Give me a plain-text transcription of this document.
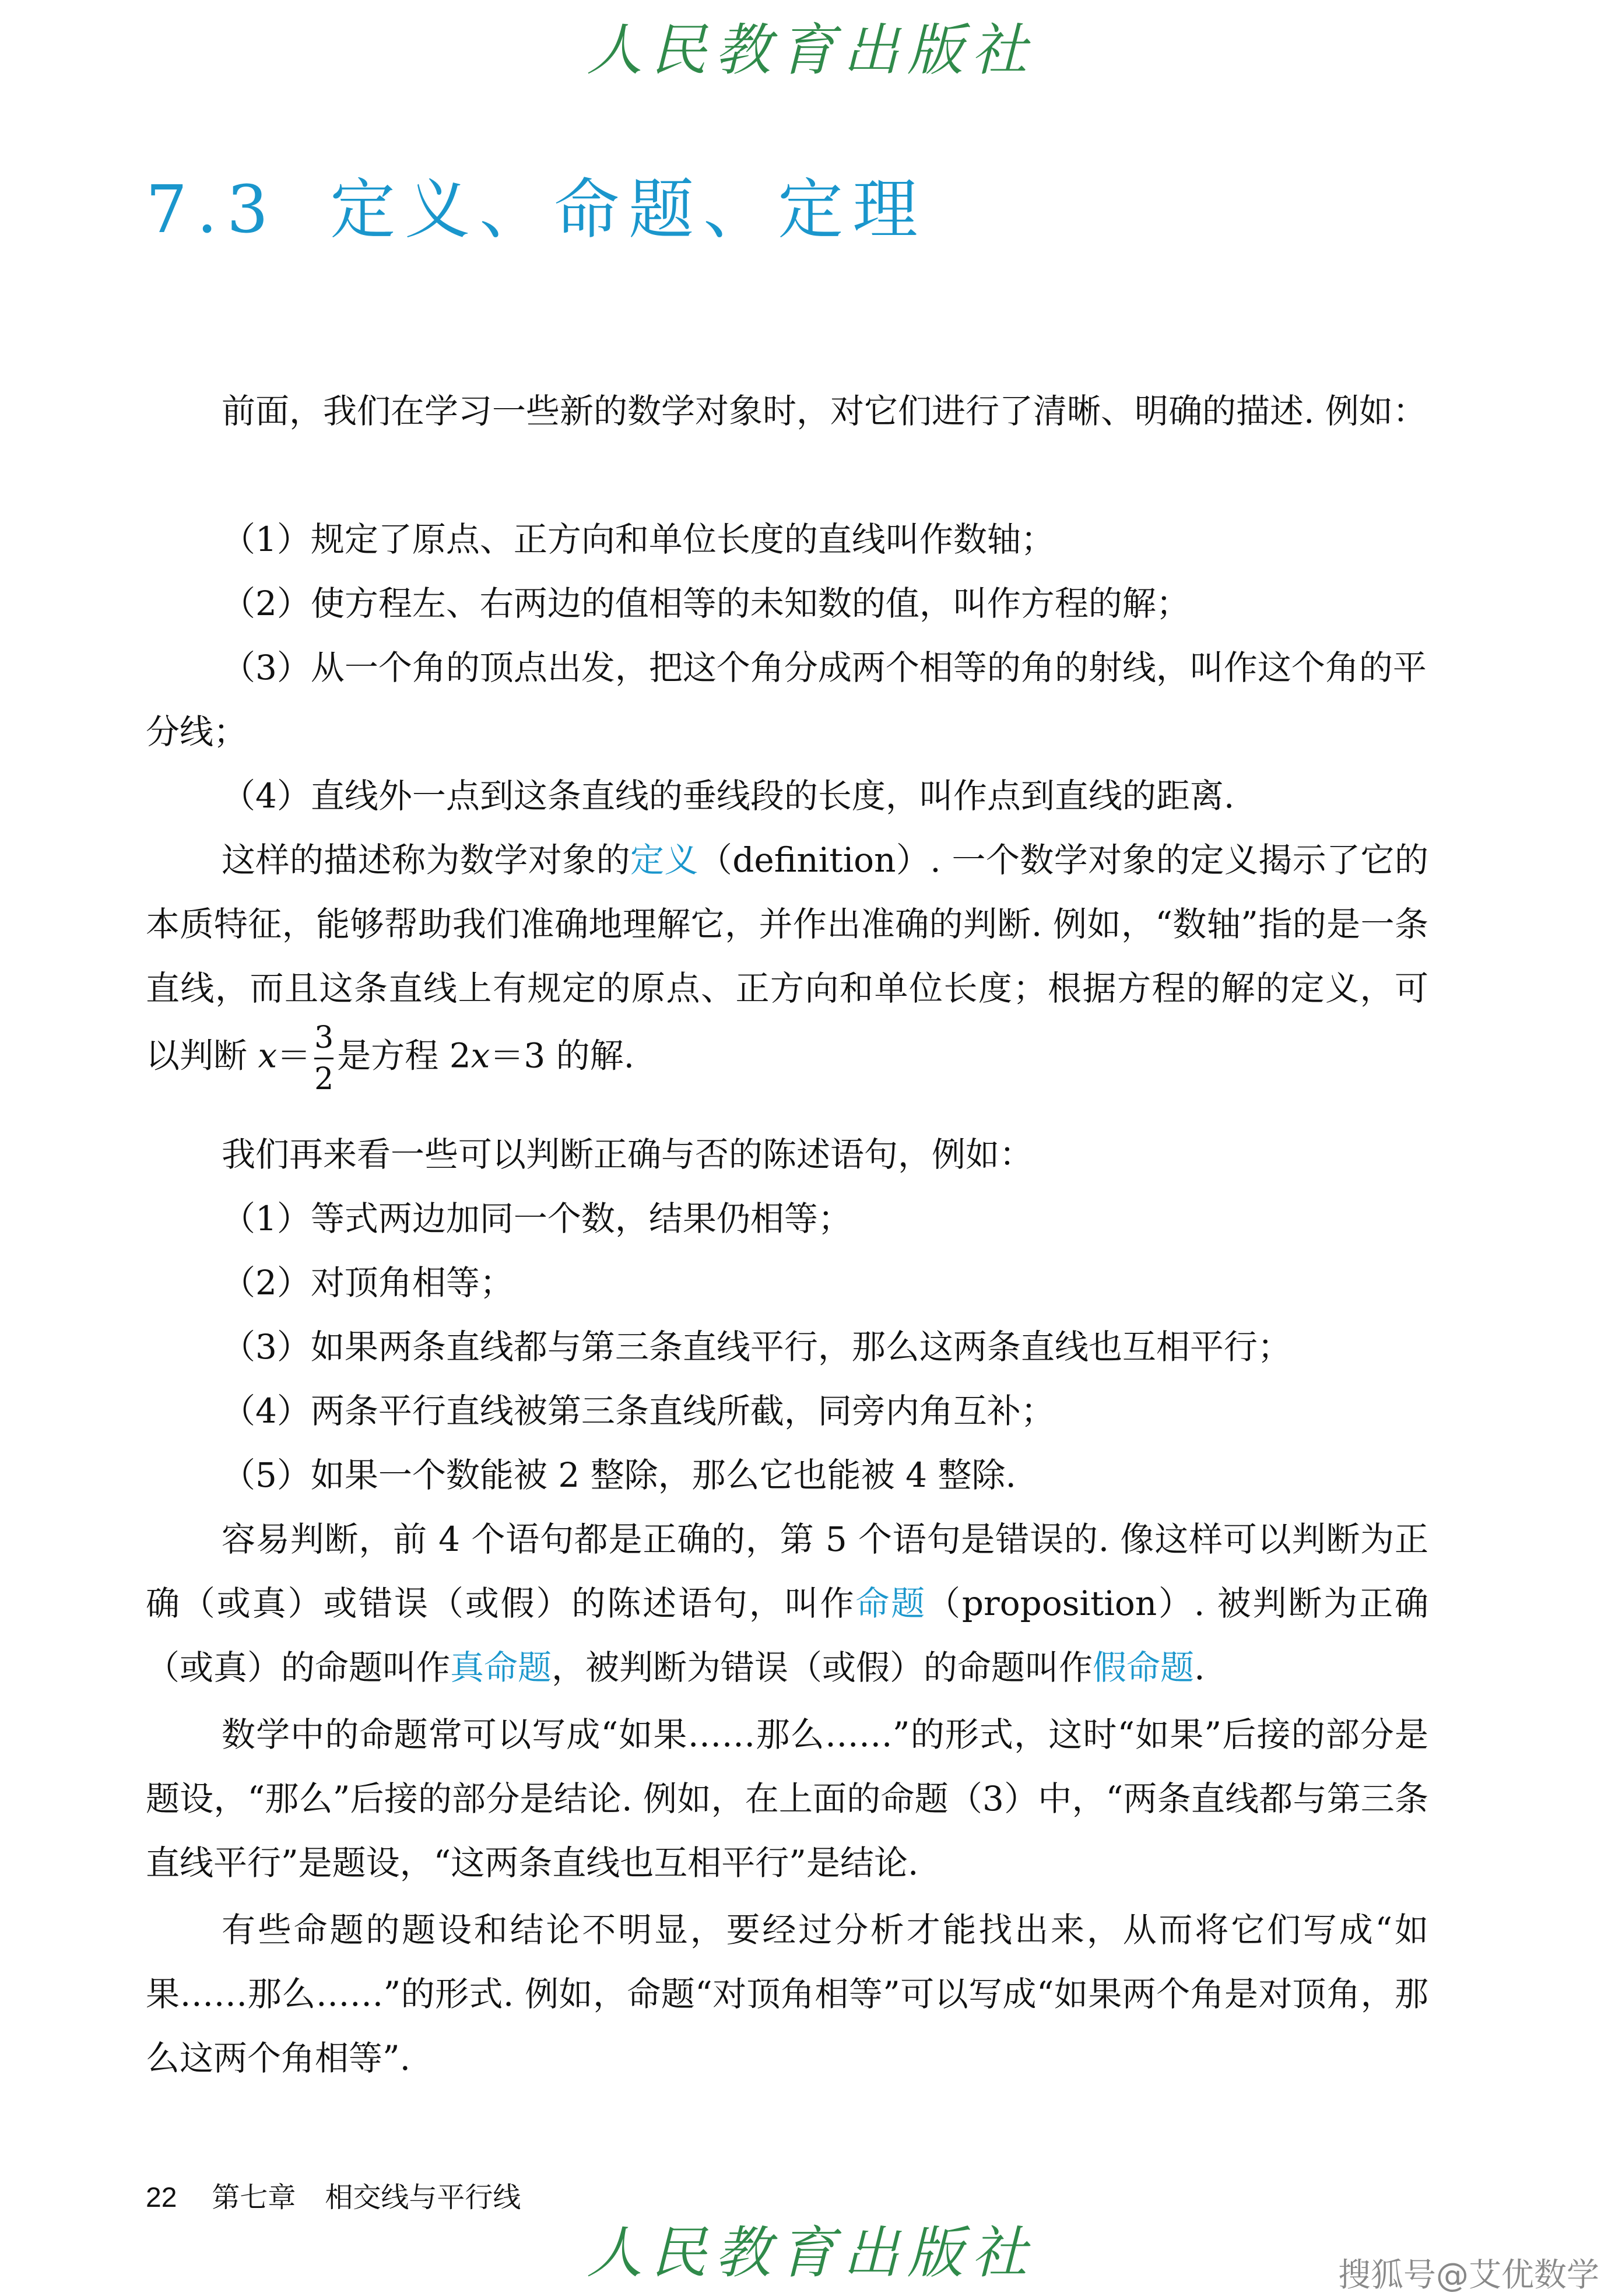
人民教育出版社
7.3 定义、命题、定理

前面，我们在学习一些新的数学对象时，对它们进行了清晰、明确的描述. 例如：

（1）规定了原点、正方向和单位长度的直线叫作数轴；

（2）使方程左、右两边的值相等的未知数的值，叫作方程的解；

（3）从一个角的顶点出发，把这个角分成两个相等的角的射线，叫作这个角的平分线；

（4）直线外一点到这条直线的垂线段的长度，叫作点到直线的距离.

这样的描述称为数学对象的定义（definition）. 一个数学对象的定义揭示了它的本质特征，能够帮助我们准确地理解它，并作出准确的判断. 例如，“数轴”指的是一条直线，而且这条直线上有规定的原点、正方向和单位长度；根据方程的解的定义，可以判断 $x= \frac{3}{2}$ 是方程 2x＝3 的解.

我们再来看一些可以判断正确与否的陈述语句，例如：

（1）等式两边加同一个数，结果仍相等；

（2）对顶角相等；

（3）如果两条直线都与第三条直线平行，那么这两条直线也互相平行；

（4）两条平行直线被第三条直线所截，同旁内角互补；

（5）如果一个数能被 2 整除，那么它也能被 4 整除.

容易判断，前 4 个语句都是正确的，第 5 个语句是错误的. 像这样可以判断为正确（或真）或错误（或假）的陈述语句，叫作命题（proposition）. 被判断为正确（或真）的命题叫作真命题，被判断为错误（或假）的命题叫作假命题.

数学中的命题常可以写成“如果……那么……”的形式，这时“如果”后接的部分是题设，“那么”后接的部分是结论. 例如，在上面的命题（3）中，“两条直线都与第三条直线平行”是题设，“这两条直线也互相平行”是结论.

有些命题的题设和结论不明显，要经过分析才能找出来，从而将它们写成“如果……那么……”的形式. 例如，命题“对顶角相等”可以写成“如果两个角是对顶角，那么这两个角相等”.

22 第七章 相交线与平行线
人民教育出版社	搜狐号@艾优数学
